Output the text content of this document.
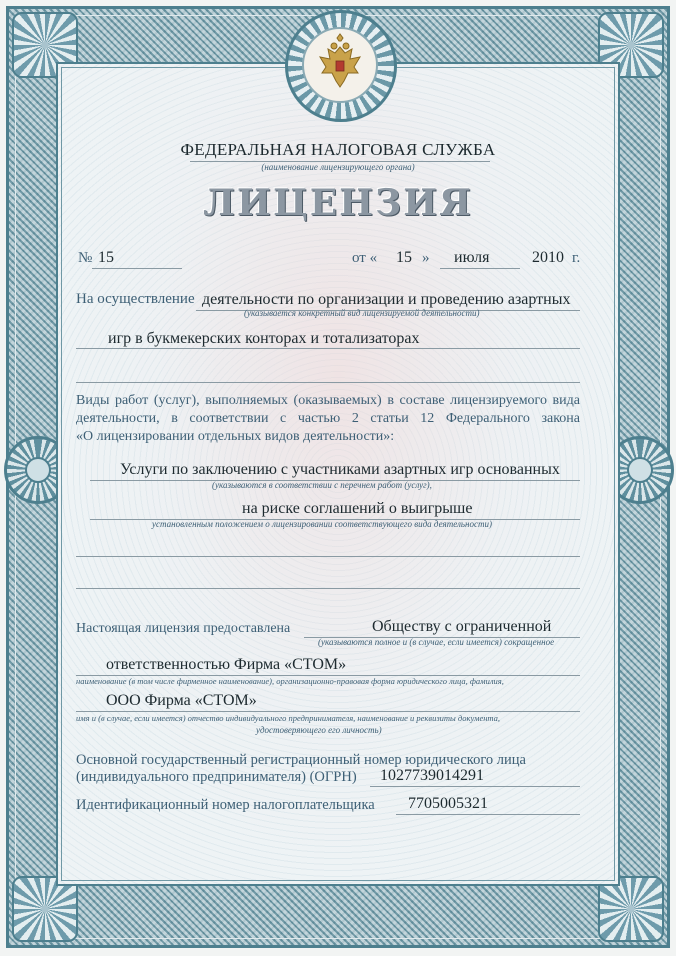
ФЕДЕРАЛЬНАЯ НАЛОГОВАЯ СЛУЖБА
(наименование лицензирующего органа)
ЛИЦЕНЗИЯ
№ 15	от « 15 » июля	2010 г.
На осуществление деятельности по организации и проведению азартных
(указывается конкретный вид лицензируемой деятельности)
игр в букмекерских конторах и тотализаторах
Виды работ (услуг), выполняемых (оказываемых) в составе лицензируемого вида
деятельности, в соответствии с частью 2 статьи 12 Федерального закона
«О лицензировании отдельных видов деятельности»:
Услуги по заключению с участниками азартных игр основанных
(указываются в соответствии с перечнем работ (услуг),
на риске соглашений о выигрыше
установленным положением о лицензировании соответствующего вида деятельности)
Настоящая лицензия предоставлена	Обществу с ограниченной
(указываются полное и (в случае, если имеется) сокращенное
ответственностью Фирма «СТОМ»
наименование (в том числе фирменное наименование), организационно-правовая форма юридического лица, фамилия,
ООО Фирма «СТОМ»
имя и (в случае, если имеется) отчество индивидуального предпринимателя, наименование и реквизиты документа,
удостоверяющего его личность)
Основной государственный регистрационный номер юридического лица
(индивидуального предпринимателя) (ОГРН) 1027739014291
Идентификационный номер налогоплательщика 7705005321
